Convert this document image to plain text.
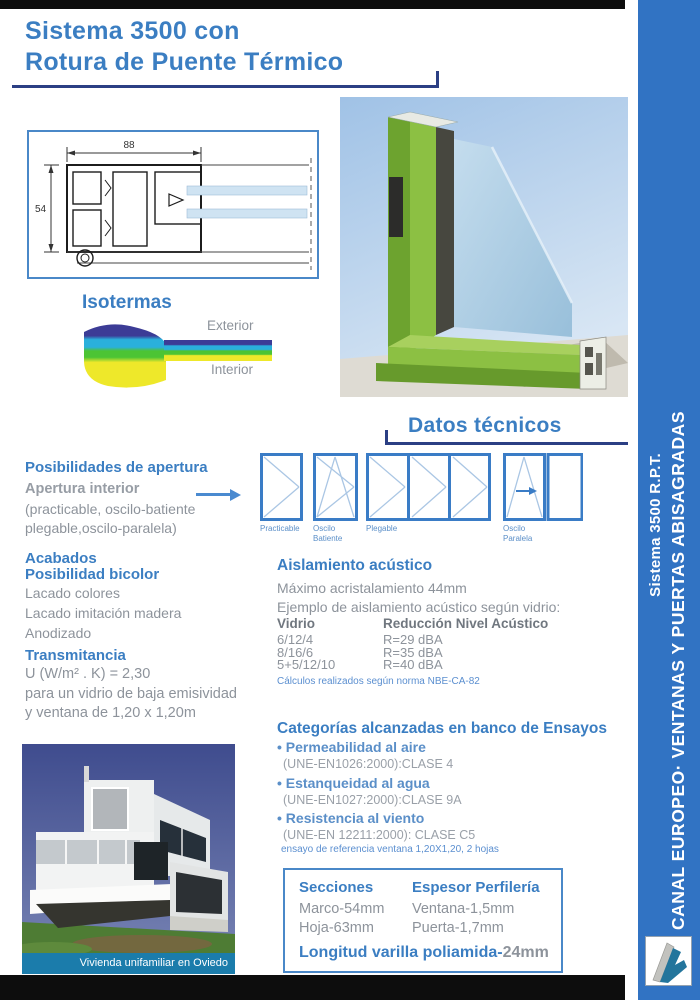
Sistema 3500 con
Rotura de Puente Térmico
88
54
Isotermas
Exterior
Interior
Datos técnicos
Posibilidades de apertura
Apertura interior
(practicable, oscilo-batiente
plegable,oscilo-paralela)	Practicable	Oscilo Batiente
Plegable	Oscilo Paralela
Acabados
Posibilidad bicolor
Lacado colores
Lacado imitación madera
Anodizado
Transmitancia
U (W/m² . K) = 2,30
para un vidrio de baja emisividad
y ventana de 1,20 x 1,20m
Aislamiento acústico
Máximo acristalamiento 44mm
Ejemplo de aislamiento acústico según vidrio:
Vidrio	Reducción Nivel Acústico
6/12/4	R=29 dBA
8/16/6	R=35 dBA
5+5/12/10	R=40 dBA
Cálculos realizados según norma NBE-CA-82
Categorías alcanzadas en banco de Ensayos
• Permeabilidad al aire
(UNE-EN1026:2000):CLASE 4
• Estanqueidad al agua
(UNE-EN1027:2000):CLASE 9A
• Resistencia al viento
(UNE-EN 12211:2000): CLASE C5
ensayo de referencia ventana 1,20X1,20, 2 hojas
Secciones	Espesor Perfilería
Marco-54mm	Ventana-1,5mm
Hoja-63mm	Puerta-1,7mm
Longitud varilla poliamida-24mm
Vivienda unifamiliar en Oviedo
Sistema 3500 R.P.T. CANAL EUROPEO· VENTANAS Y PUERTAS ABISAGRADAS
